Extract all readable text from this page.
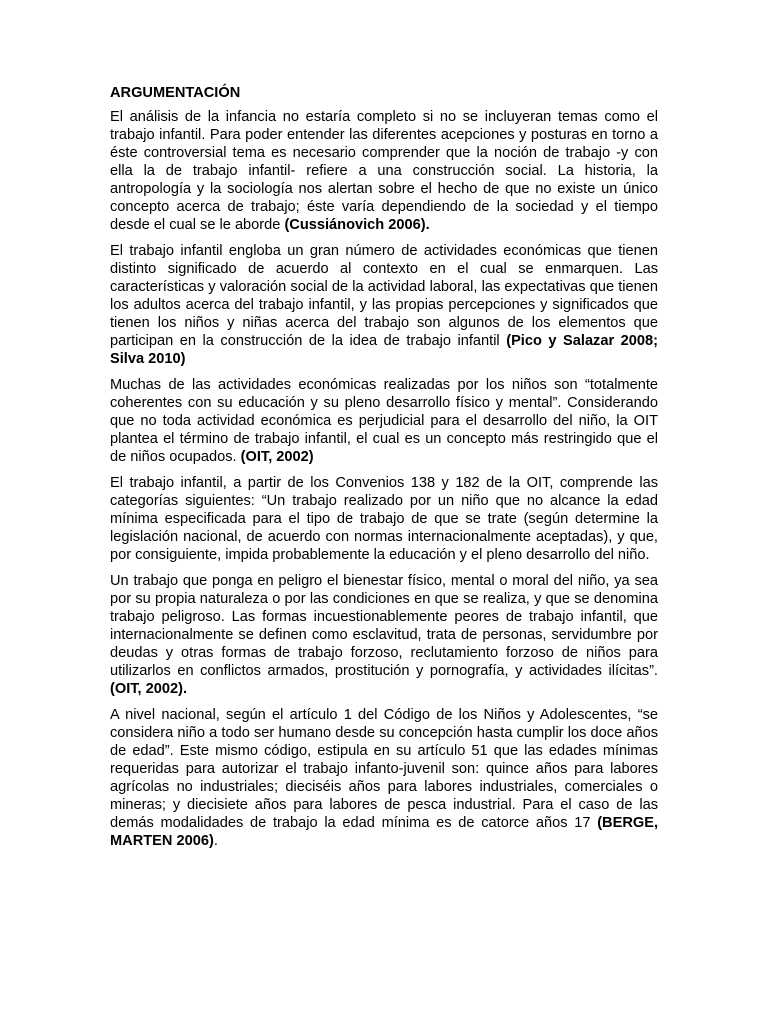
ARGUMENTACIÓN

El análisis de la infancia no estaría completo si no se incluyeran temas como el trabajo infantil. Para poder entender las diferentes acepciones y posturas en torno a éste controversial tema es necesario comprender que la noción de trabajo -y con ella la de trabajo infantil- refiere a una construcción social. La historia, la antropología y la sociología nos alertan sobre el hecho de que no existe un único concepto acerca de trabajo; éste varía dependiendo de la sociedad y el tiempo desde el cual se le aborde (Cussiánovich 2006).

El trabajo infantil engloba un gran número de actividades económicas que tienen distinto significado de acuerdo al contexto en el cual se enmarquen. Las características y valoración social de la actividad laboral, las expectativas que tienen los adultos acerca del trabajo infantil, y las propias percepciones y significados que tienen los niños y niñas acerca del trabajo son algunos de los elementos que participan en la construcción de la idea de trabajo infantil (Pico y Salazar 2008; Silva 2010)

Muchas de las actividades económicas realizadas por los niños son “totalmente coherentes con su educación y su pleno desarrollo físico y mental”. Considerando que no toda actividad económica es perjudicial para el desarrollo del niño, la OIT plantea el término de trabajo infantil, el cual es un concepto más restringido que el de niños ocupados. (OIT, 2002)

El trabajo infantil, a partir de los Convenios 138 y 182 de la OIT, comprende las categorías siguientes: “Un trabajo realizado por un niño que no alcance la edad mínima especificada para el tipo de trabajo de que se trate (según determine la legislación nacional, de acuerdo con normas internacionalmente aceptadas), y que, por consiguiente, impida probablemente la educación y el pleno desarrollo del niño.

Un trabajo que ponga en peligro el bienestar físico, mental o moral del niño, ya sea por su propia naturaleza o por las condiciones en que se realiza, y que se denomina trabajo peligroso. Las formas incuestionablemente peores de trabajo infantil, que internacionalmente se definen como esclavitud, trata de personas, servidumbre por deudas y otras formas de trabajo forzoso, reclutamiento forzoso de niños para utilizarlos en conflictos armados, prostitución y pornografía, y actividades ilícitas”. (OIT, 2002).

A nivel nacional, según el artículo 1 del Código de los Niños y Adolescentes, “se considera niño a todo ser humano desde su concepción hasta cumplir los doce años de edad”. Este mismo código, estipula en su artículo 51 que las edades mínimas requeridas para autorizar el trabajo infanto-juvenil son: quince años para labores agrícolas no industriales; dieciséis años para labores industriales, comerciales o mineras; y diecisiete años para labores de pesca industrial. Para el caso de las demás modalidades de trabajo la edad mínima es de catorce años 17 (BERGE, MARTEN 2006).
